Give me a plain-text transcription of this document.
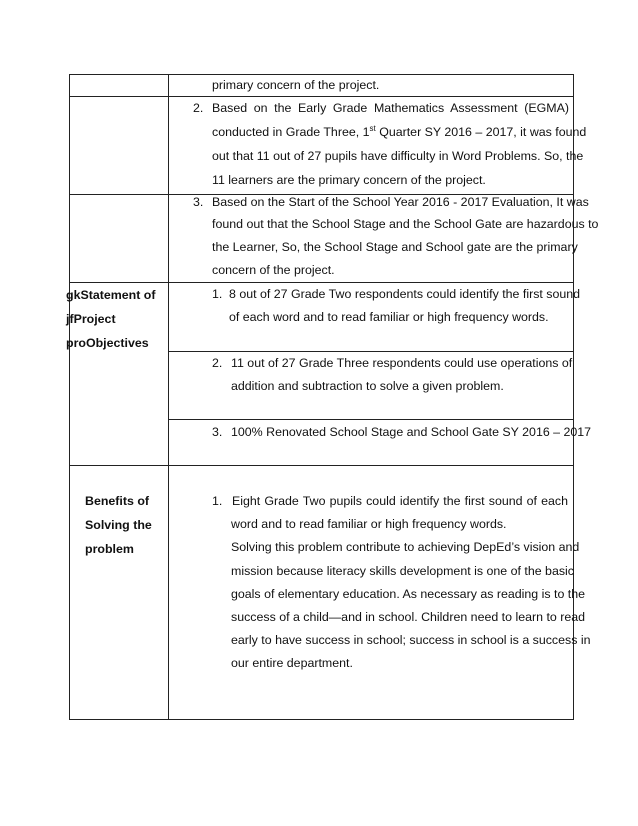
primary concern of the project.
2. Based on the Early Grade Mathematics Assessment (EGMA)
conducted in Grade Three, 1st Quarter SY 2016 – 2017, it was found
out that 11 out of 27 pupils have difficulty in Word Problems. So, the
11 learners are the primary concern of the project.
3. Based on the Start of the School Year 2016 - 2017 Evaluation, It was
found out that the School Stage and the School Gate are hazardous to
the Learner, So, the School Stage and School gate are the primary
concern of the project.
gkStatement of
jfProject
proObjectives
1. 8 out of 27 Grade Two respondents could identify the first sound
of each word and to read familiar or high frequency words.
2. 11 out of 27 Grade Three respondents could use operations of
addition and subtraction to solve a given problem.
3. 100% Renovated School Stage and School Gate SY 2016 – 2017
Benefits of
Solving the
problem
1. Eight Grade Two pupils could identify the first sound of each
word and to read familiar or high frequency words.
Solving this problem contribute to achieving DepEd’s vision and
mission because literacy skills development is one of the basic
goals of elementary education. As necessary as reading is to the
success of a child—and in school. Children need to learn to read
early to have success in school; success in school is a success in
our entire department.
